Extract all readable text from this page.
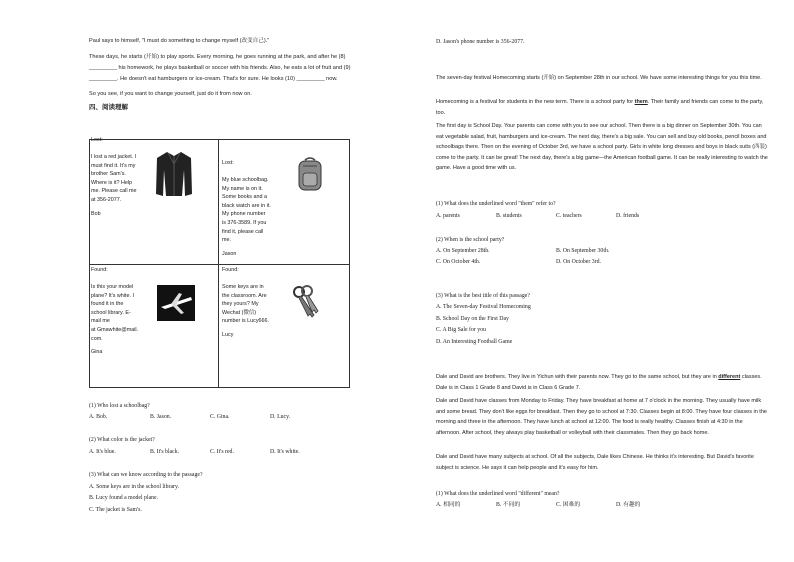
Paul says to himself, "I must do something to change myself (改变自己)."
These days, he starts (开始) to play sports. Every morning, he goes running at the park, and after he (8)
_________ his homework, he plays basketball or soccer with his friends. Also, he eats a lot of fruit and (9)
_________. He doesn't eat hamburgers or ice-cream. That's for sure. He looks (10) _________ now.
So you see, if you want to change yourself, just do it from now on.
四、阅读理解
Lost:
I lost a red jacket. I
must find it. It's my
brother Sam's.
Where is it? Help
me. Please call me
at 356-2077.
Bob
Lost:
My blue schoolbag.
My name is on it.
Some books and a
black watch are in it.
My phone number
is 376-3589. If you
find it, please call
me.
Jason
Found:
Is this your model
plane? It's white. I
found it in the
school library. E-
mail me
at Gmawhite@mail.
com.
Gina
Found:
Some keys are in
the classroom. Are
they yours? My
Wechat (微信)
number is Lucy666.
Lucy
(1) Who lost a schoolbag?
A. Bob.	B. Jason.	C. Gina.	D. Lucy.
(2) What color is the jacket?
A. It's blue.	B. It's black.	C. It's red.	D. It's white.
(3) What can we know according to the passage?
A. Some keys are in the school library.
B. Lucy found a model plane.
C. The jacket is Sam's.
D. Jason's phone number is 356-2077.
The seven-day festival Homecoming starts (开始) on September 28th in our school. We have some interesting things for you this time.
Homecoming is a festival for students in the new term. There is a school party for them. Their family and friends can come to the party, too.
The first day is School Day. Your parents can come with you to see our school. Then there is a big dinner on September 30th. You can eat vegetable salad, fruit, hamburgers and ice-cream. The next day, there's a big sale. You can sell and buy old books, pencil boxes and schoolbags there. Then on the evening of October 3rd, we have a school party. Girls in white long dresses and boys in black suits (西装) come to the party. It can be great! The next day, there's a big game—the American football game. It can be really interesting to watch the game. Have a good time with us.
(1) What does the underlined word "them" refer to?
A. parents	B. students	C. teachers	D. friends
(2) When is the school party?
A. On September 28th.	B. On September 30th.
C. On October 4th.	D. On October 3rd.
(3) What is the best title of this passage?
A. The Seven-day Festival Homecoming
B. School Day on the First Day
C. A Big Sale for you
D. An Interesting Football Game
Dale and David are brothers. They live in Yichun with their parents now. They go to the same school, but they are in different classes. Dale is in Class 1 Grade 8 and David is in Class 6 Grade 7.
Dale and David have classes from Monday to Friday. They have breakfast at home at 7 o'clock in the morning. They usually have milk and some bread. They don't like eggs for breakfast. Then they go to school at 7:30. Classes begin at 8:00. They have four classes in the morning and three in the afternoon. They have lunch at school at 12:00. The food is really healthy. Classes finish at 4:30 in the afternoon. After school, they always play basketball or volleyball with their classmates. Then they go back home.
Dale and David have many subjects at school. Of all the subjects, Dale likes Chinese. He thinks it's interesting. But David's favorite subject is science. He says it can help people and it's easy for him.
(1) What does the underlined word "different" mean?
A. 相同的	B. 不同的	C. 困难的	D. 有趣的
